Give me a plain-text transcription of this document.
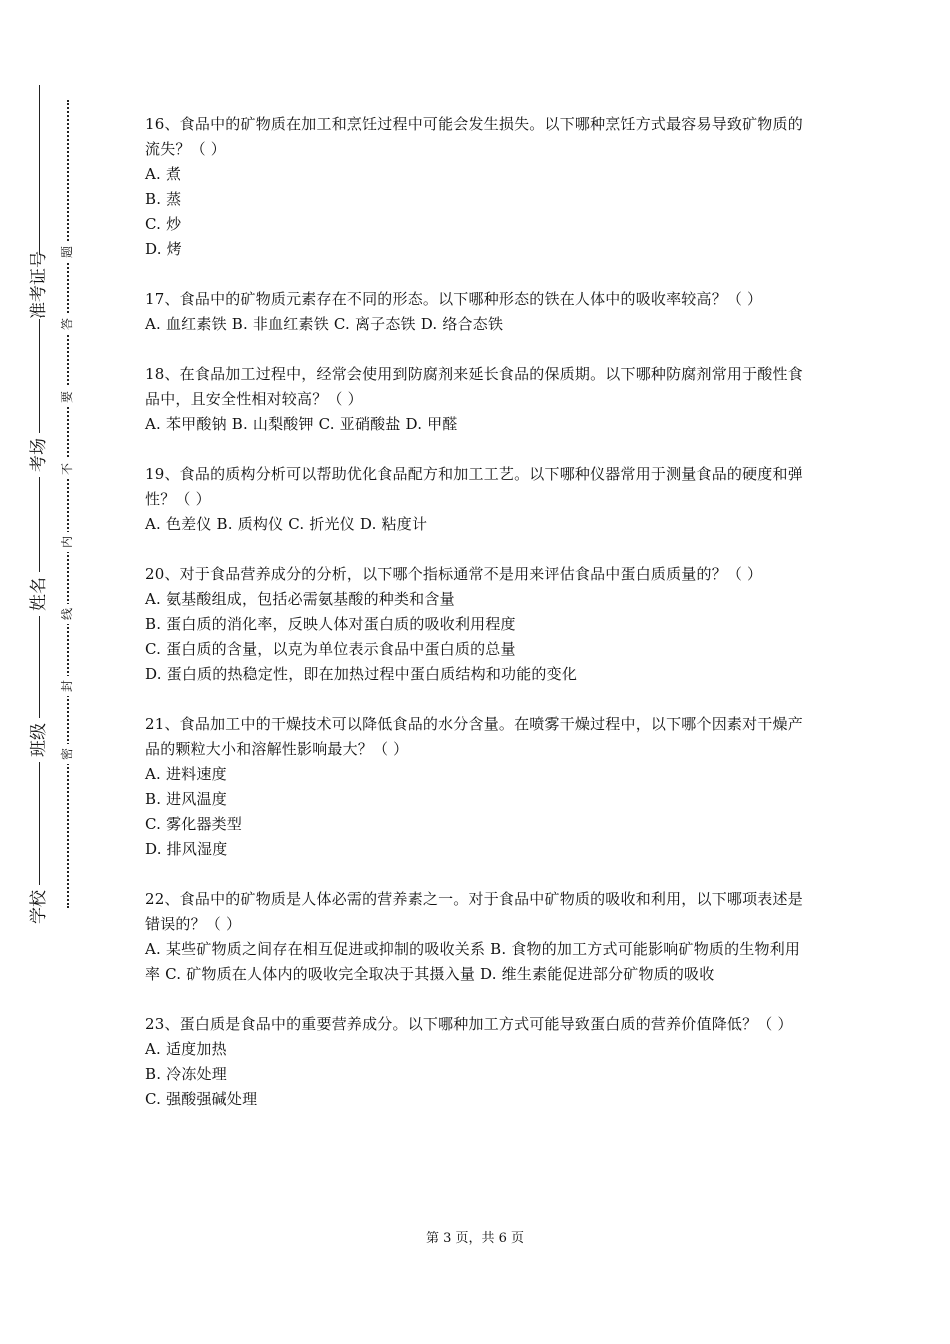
学校
班级
姓名
考场
准考证号
密
封
线
内
不
要
答
题

16、食品中的矿物质在加工和烹饪过程中可能会发生损失。以下哪种烹饪方式最容易导致矿物质的流失？（ ）

A. 煮

B. 蒸

C. 炒

D. 烤

17、食品中的矿物质元素存在不同的形态。以下哪种形态的铁在人体中的吸收率较高？（ ）

A. 血红素铁 B. 非血红素铁 C. 离子态铁 D. 络合态铁

18、在食品加工过程中，经常会使用到防腐剂来延长食品的保质期。以下哪种防腐剂常用于酸性食品中，且安全性相对较高？（ ）

A. 苯甲酸钠 B. 山梨酸钾 C. 亚硝酸盐 D. 甲醛

19、食品的质构分析可以帮助优化食品配方和加工工艺。以下哪种仪器常用于测量食品的硬度和弹性？（ ）

A. 色差仪 B. 质构仪 C. 折光仪 D. 粘度计

20、对于食品营养成分的分析，以下哪个指标通常不是用来评估食品中蛋白质质量的？（ ）

A. 氨基酸组成，包括必需氨基酸的种类和含量

B. 蛋白质的消化率，反映人体对蛋白质的吸收利用程度

C. 蛋白质的含量，以克为单位表示食品中蛋白质的总量

D. 蛋白质的热稳定性，即在加热过程中蛋白质结构和功能的变化

21、食品加工中的干燥技术可以降低食品的水分含量。在喷雾干燥过程中，以下哪个因素对干燥产品的颗粒大小和溶解性影响最大？（ ）

A. 进料速度

B. 进风温度

C. 雾化器类型

D. 排风湿度

22、食品中的矿物质是人体必需的营养素之一。对于食品中矿物质的吸收和利用，以下哪项表述是错误的？（ ）

A. 某些矿物质之间存在相互促进或抑制的吸收关系 B. 食物的加工方式可能影响矿物质的生物利用率 C. 矿物质在人体内的吸收完全取决于其摄入量 D. 维生素能促进部分矿物质的吸收

23、蛋白质是食品中的重要营养成分。以下哪种加工方式可能导致蛋白质的营养价值降低？（ ）

A. 适度加热

B. 冷冻处理

C. 强酸强碱处理

第 3 页，共 6 页
